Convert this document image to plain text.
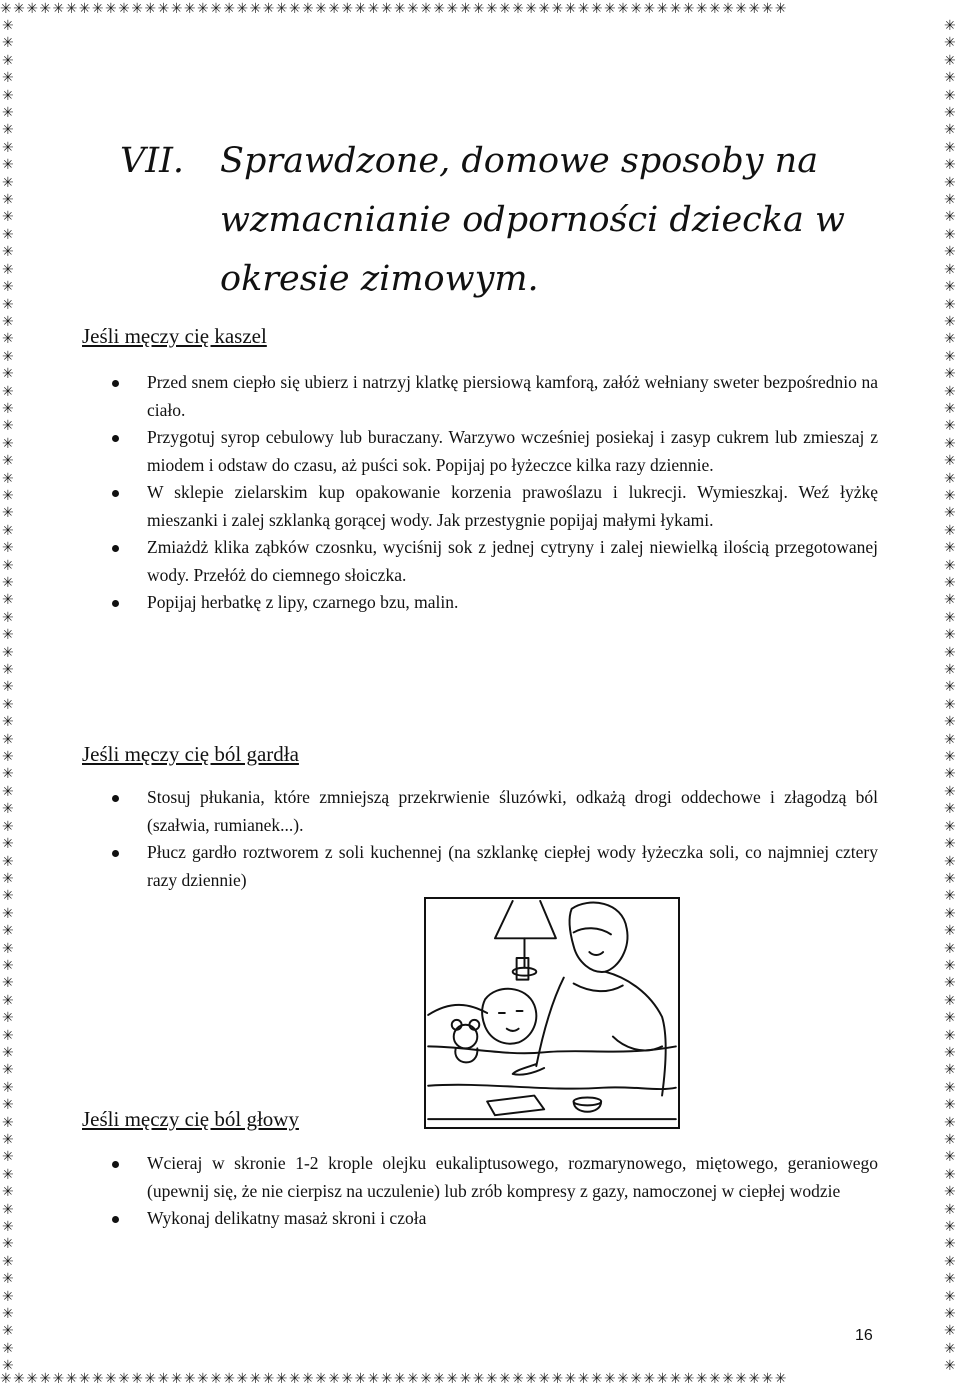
✳✳✳✳✳✳✳✳✳✳✳✳✳✳✳✳✳✳✳✳✳✳✳✳✳✳✳✳✳✳✳✳✳✳✳✳✳✳✳✳✳✳✳✳✳✳✳✳✳✳✳✳✳✳✳✳✳✳✳✳
✳✳✳✳✳✳✳✳✳✳✳✳✳✳✳✳✳✳✳✳✳✳✳✳✳✳✳✳✳✳✳✳✳✳✳✳✳✳✳✳✳✳✳✳✳✳✳✳✳✳✳✳✳✳✳✳✳✳✳✳✳✳✳✳✳✳✳✳✳✳✳✳✳✳✳✳✳✳
✳✳✳✳✳✳✳✳✳✳✳✳✳✳✳✳✳✳✳✳✳✳✳✳✳✳✳✳✳✳✳✳✳✳✳✳✳✳✳✳✳✳✳✳✳✳✳✳✳✳✳✳✳✳✳✳✳✳✳✳✳✳✳✳✳✳✳✳✳✳✳✳✳✳✳✳✳✳
✳✳✳✳✳✳✳✳✳✳✳✳✳✳✳✳✳✳✳✳✳✳✳✳✳✳✳✳✳✳✳✳✳✳✳✳✳✳✳✳✳✳✳✳✳✳✳✳✳✳✳✳✳✳✳✳✳✳✳✳
VII. Sprawdzone, domowe sposoby na
wzmacnianie odporności dziecka w
okresie zimowym.
Jeśli męczy cię kaszel
Przed snem ciepło się ubierz i natrzyj klatkę piersiową kamforą, załóż wełniany sweter bezpośrednio na ciało.
Przygotuj syrop cebulowy lub buraczany. Warzywo wcześniej posiekaj i zasyp cukrem lub zmieszaj z miodem i odstaw do czasu, aż puści sok. Popijaj po łyżeczce kilka razy dziennie.
W sklepie zielarskim kup opakowanie korzenia prawoślazu i lukrecji. Wymieszkaj. Weź łyżkę mieszanki i zalej szklanką gorącej wody. Jak przestygnie popijaj małymi łykami.
Zmiażdż klika ząbków czosnku, wyciśnij sok z jednej cytryny i zalej niewielką ilością przegotowanej wody. Przełóż do ciemnego słoiczka.
Popijaj herbatkę z lipy, czarnego bzu, malin.
Jeśli męczy cię ból gardła
Stosuj płukania, które zmniejszą przekrwienie śluzówki, odkażą drogi oddechowe i złagodzą ból (szałwia, rumianek...).
Płucz gardło roztworem z soli kuchennej (na szklankę ciepłej wody łyżeczka soli, co najmniej cztery razy dziennie)
Jeśli męczy cię ból głowy
Wcieraj w skronie 1-2 krople olejku eukaliptusowego, rozmarynowego, miętowego, geraniowego (upewnij się, że nie cierpisz na uczulenie) lub zrób kompresy z gazy, namoczonej w ciepłej wodzie
Wykonaj delikatny masaż skroni i czoła
16
